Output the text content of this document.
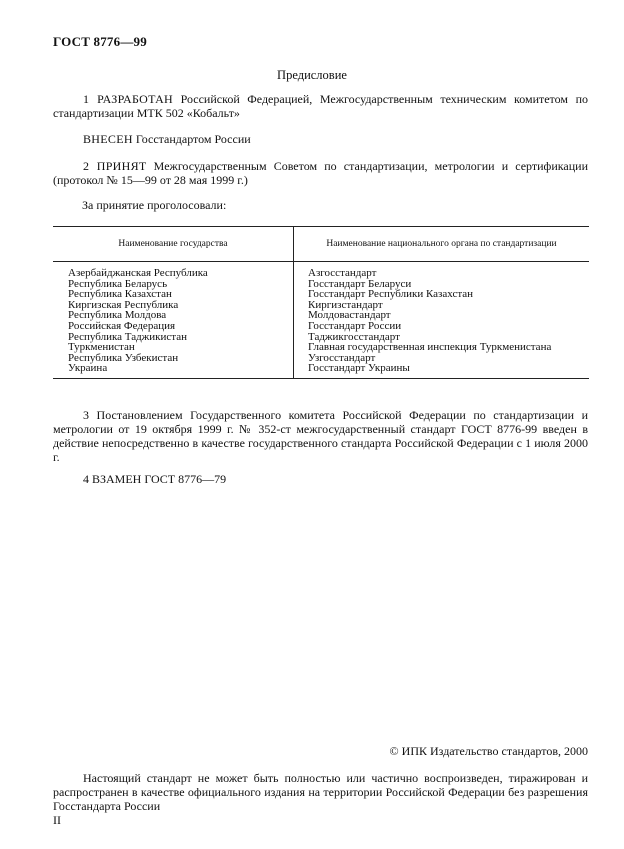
ГОСТ 8776—99
Предисловие
1 РАЗРАБОТАН Российской Федерацией, Межгосударственным техническим комитетом по стандартизации МТК 502 «Кобальт»
ВНЕСЕН Госстандартом России
2 ПРИНЯТ Межгосударственным Советом по стандартизации, метрологии и сертификации (протокол № 15—99 от 28 мая 1999 г.)
За принятие проголосовали:
Наименование государства	Наименование национального органа по стандартизации
Азербайджанская Республика	Азгосстандарт
Республика Беларусь	Госстандарт Беларуси
Республика Казахстан	Госстандарт Республики Казахстан
Киргизская Республика	Киргизстандарт
Республика Молдова	Молдовастандарт
Российская Федерация	Госстандарт России
Республика Таджикистан	Таджикгосстандарт
Туркменистан	Главная государственная инспекция Туркменистана
Республика Узбекистан	Узгосстандарт
Украина	Госстандарт Украины
3 Постановлением Государственного комитета Российской Федерации по стандартизации и метрологии от 19 октября 1999 г. № 352-ст межгосударственный стандарт ГОСТ 8776-99 введен в действие непосредственно в качестве государственного стандарта Российской Федерации с 1 июля 2000 г.
4 ВЗАМЕН ГОСТ 8776—79
© ИПК Издательство стандартов, 2000
Настоящий стандарт не может быть полностью или частично воспроизведен, тиражирован и распространен в качестве официального издания на территории Российской Федерации без разрешения Госстандарта России
II
